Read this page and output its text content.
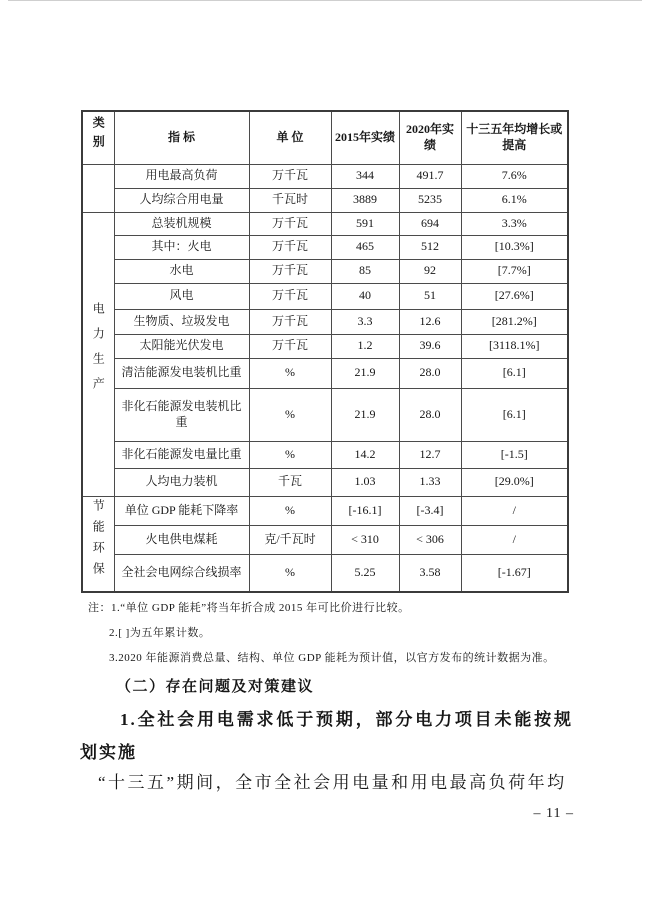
类别	指 标	单 位	2015年实绩	2020年实绩	十三五年均增长或提高
	用电最高负荷	万千瓦	344	491.7	7.6%
	人均综合用电量	千瓦时	3889	5235	6.1%
电力生产	总装机规模	万千瓦	591	694	3.3%
	其中：火电	万千瓦	465	512	[10.3%]
	水电	万千瓦	85	92	[7.7%]
	风电	万千瓦	40	51	[27.6%]
	生物质、垃圾发电	万千瓦	3.3	12.6	[281.2%]
	太阳能光伏发电	万千瓦	1.2	39.6	[3118.1%]
	清洁能源发电装机比重	%	21.9	28.0	[6.1]
	非化石能源发电装机比重	%	21.9	28.0	[6.1]
	非化石能源发电量比重	%	14.2	12.7	[-1.5]
	人均电力装机	千瓦	1.03	1.33	[29.0%]
节能环保	单位 GDP 能耗下降率	%	[-16.1]	[-3.4]	/
	火电供电煤耗	克/千瓦时	< 310	< 306	/
	全社会电网综合线损率	%	5.25	3.58	[-1.67]
注：1.“单位 GDP 能耗”将当年折合成 2015 年可比价进行比较。
2.[ ]为五年累计数。
3.2020 年能源消费总量、结构、单位 GDP 能耗为预计值，以官方发布的统计数据为准。
（二）存在问题及对策建议
1.全社会用电需求低于预期，部分电力项目未能按规划实施
“十三五”期间，全市全社会用电量和用电最高负荷年均
– 11 –
